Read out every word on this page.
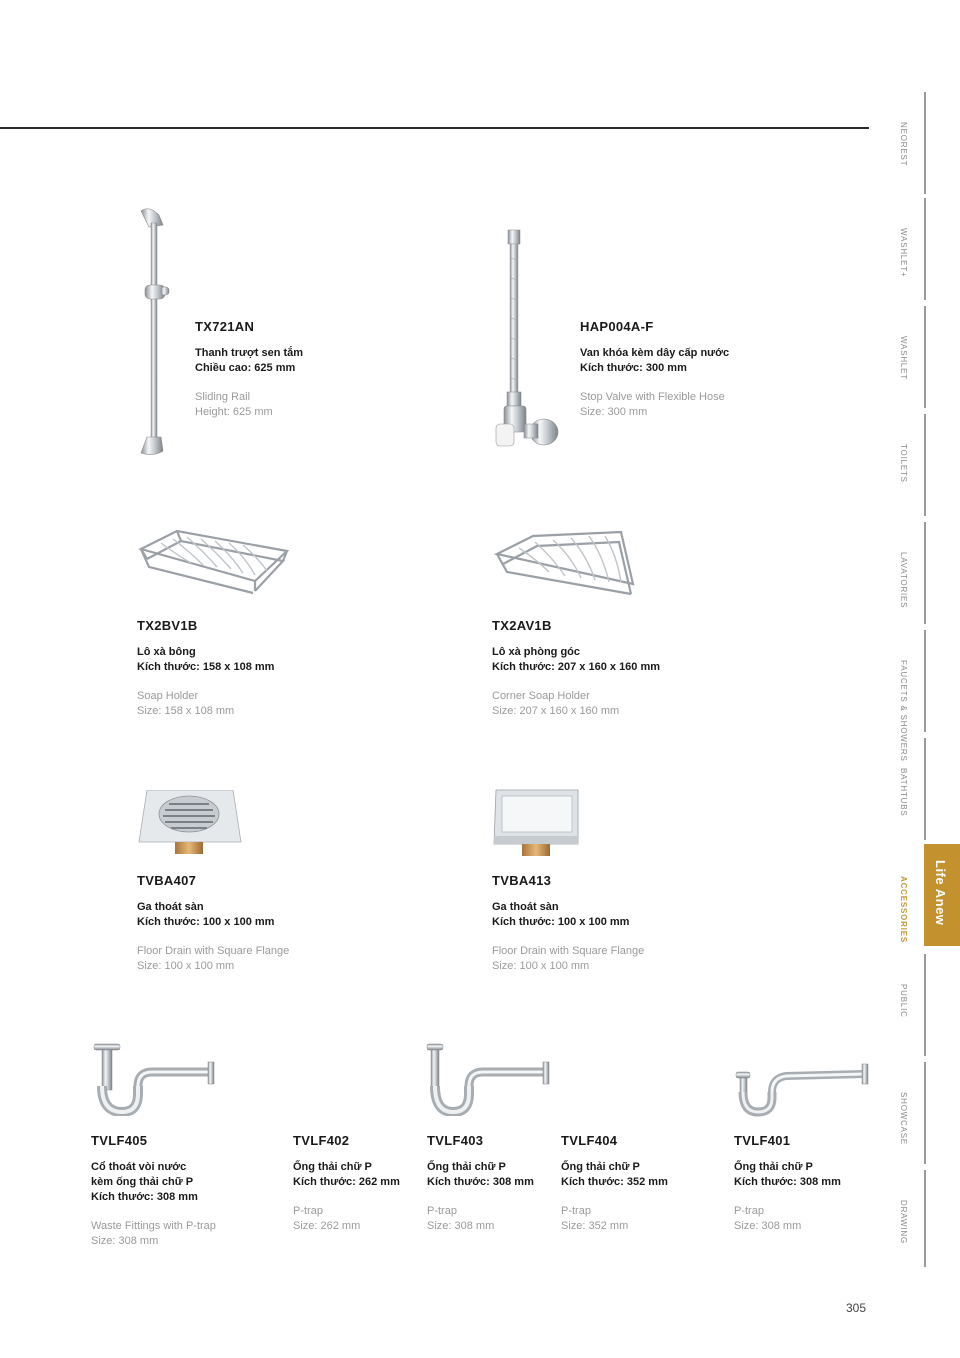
NEOREST
WASHLET+
WASHLET
TOILETS
LAVATORIES
FAUCETS & SHOWERS
BATHTUBS
ACCESSORIES Life Anew
PUBLIC
SHOWCASE
DRAWING
TX721AN
Thanh trượt sen tắm
Chiều cao: 625 mm
Sliding Rail
Height: 625 mm
HAP004A-F
Van khóa kèm dây cấp nước
Kích thước: 300 mm
Stop Valve with Flexible Hose
Size: 300 mm
TX2BV1B
Lô xà bông
Kích thước: 158 x 108 mm
Soap Holder
Size: 158 x 108 mm
TX2AV1B
Lô xà phòng góc
Kích thước: 207 x 160 x 160 mm
Corner Soap Holder
Size: 207 x 160 x 160 mm
TVBA407
Ga thoát sàn
Kích thước: 100 x 100 mm
Floor Drain with Square Flange
Size: 100 x 100 mm
TVBA413
Ga thoát sàn
Kích thước: 100 x 100 mm
Floor Drain with Square Flange
Size: 100 x 100 mm
TVLF405
Cổ thoát vòi nước
kèm ống thải chữ P
Kích thước: 308 mm
Waste Fittings with P-trap
Size: 308 mm
TVLF402
Ống thải chữ P
Kích thước: 262 mm
P-trap
Size: 262 mm
TVLF403
Ống thải chữ P
Kích thước: 308 mm
P-trap
Size: 308 mm
TVLF404
Ống thải chữ P
Kích thước: 352 mm
P-trap
Size: 352 mm
TVLF401
Ống thải chữ P
Kích thước: 308 mm
P-trap
Size: 308 mm
305
